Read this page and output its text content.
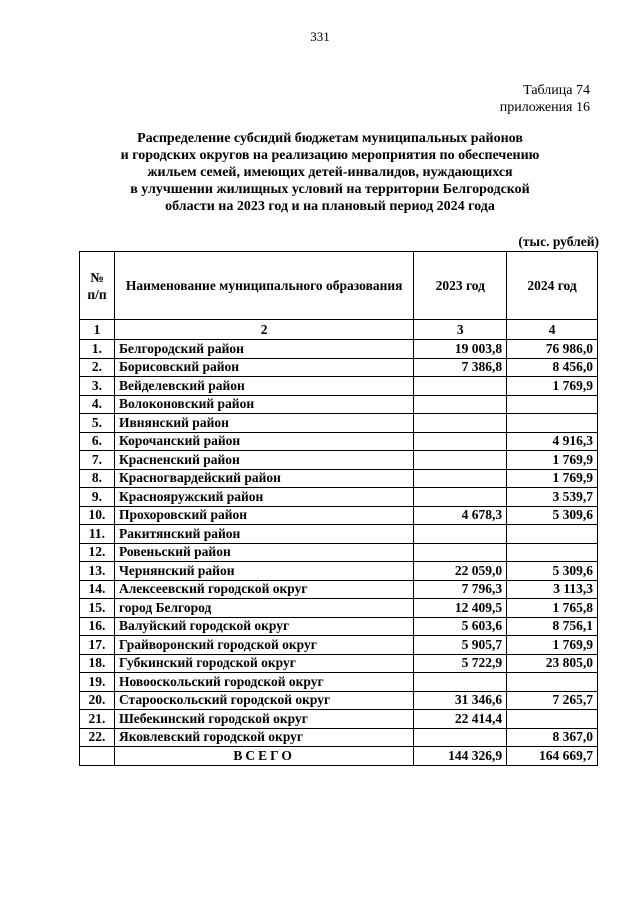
331
Таблица 74
приложения 16
Распределение субсидий бюджетам муниципальных районов
и городских округов на реализацию мероприятия по обеспечению
жильем семей, имеющих детей-инвалидов, нуждающихся
в улучшении жилищных условий на территории Белгородской
области на 2023 год и на плановый период 2024 года
(тыс. рублей)
№ п/п	Наименование муниципального образования	2023 год	2024 год
1	2	3	4
1.	Белгородский район	19 003,8	76 986,0
2.	Борисовский район	7 386,8	8 456,0
3.	Вейделевский район		1 769,9
4.	Волоконовский район		
5.	Ивнянский район		
6.	Корочанский район		4 916,3
7.	Красненский район		1 769,9
8.	Красногвардейский район		1 769,9
9.	Краснояружский район		3 539,7
10.	Прохоровский район	4 678,3	5 309,6
11.	Ракитянский район		
12.	Ровеньский район		
13.	Чернянский район	22 059,0	5 309,6
14.	Алексеевский городской округ	7 796,3	3 113,3
15.	город Белгород	12 409,5	1 765,8
16.	Валуйский городской округ	5 603,6	8 756,1
17.	Грайворонский городской округ	5 905,7	1 769,9
18.	Губкинский городской округ	5 722,9	23 805,0
19.	Новооскольский городской округ		
20.	Старооскольский городской округ	31 346,6	7 265,7
21.	Шебекинский городской округ	22 414,4	
22.	Яковлевский городской округ		8 367,0
	ВСЕГО	144 326,9	164 669,7
